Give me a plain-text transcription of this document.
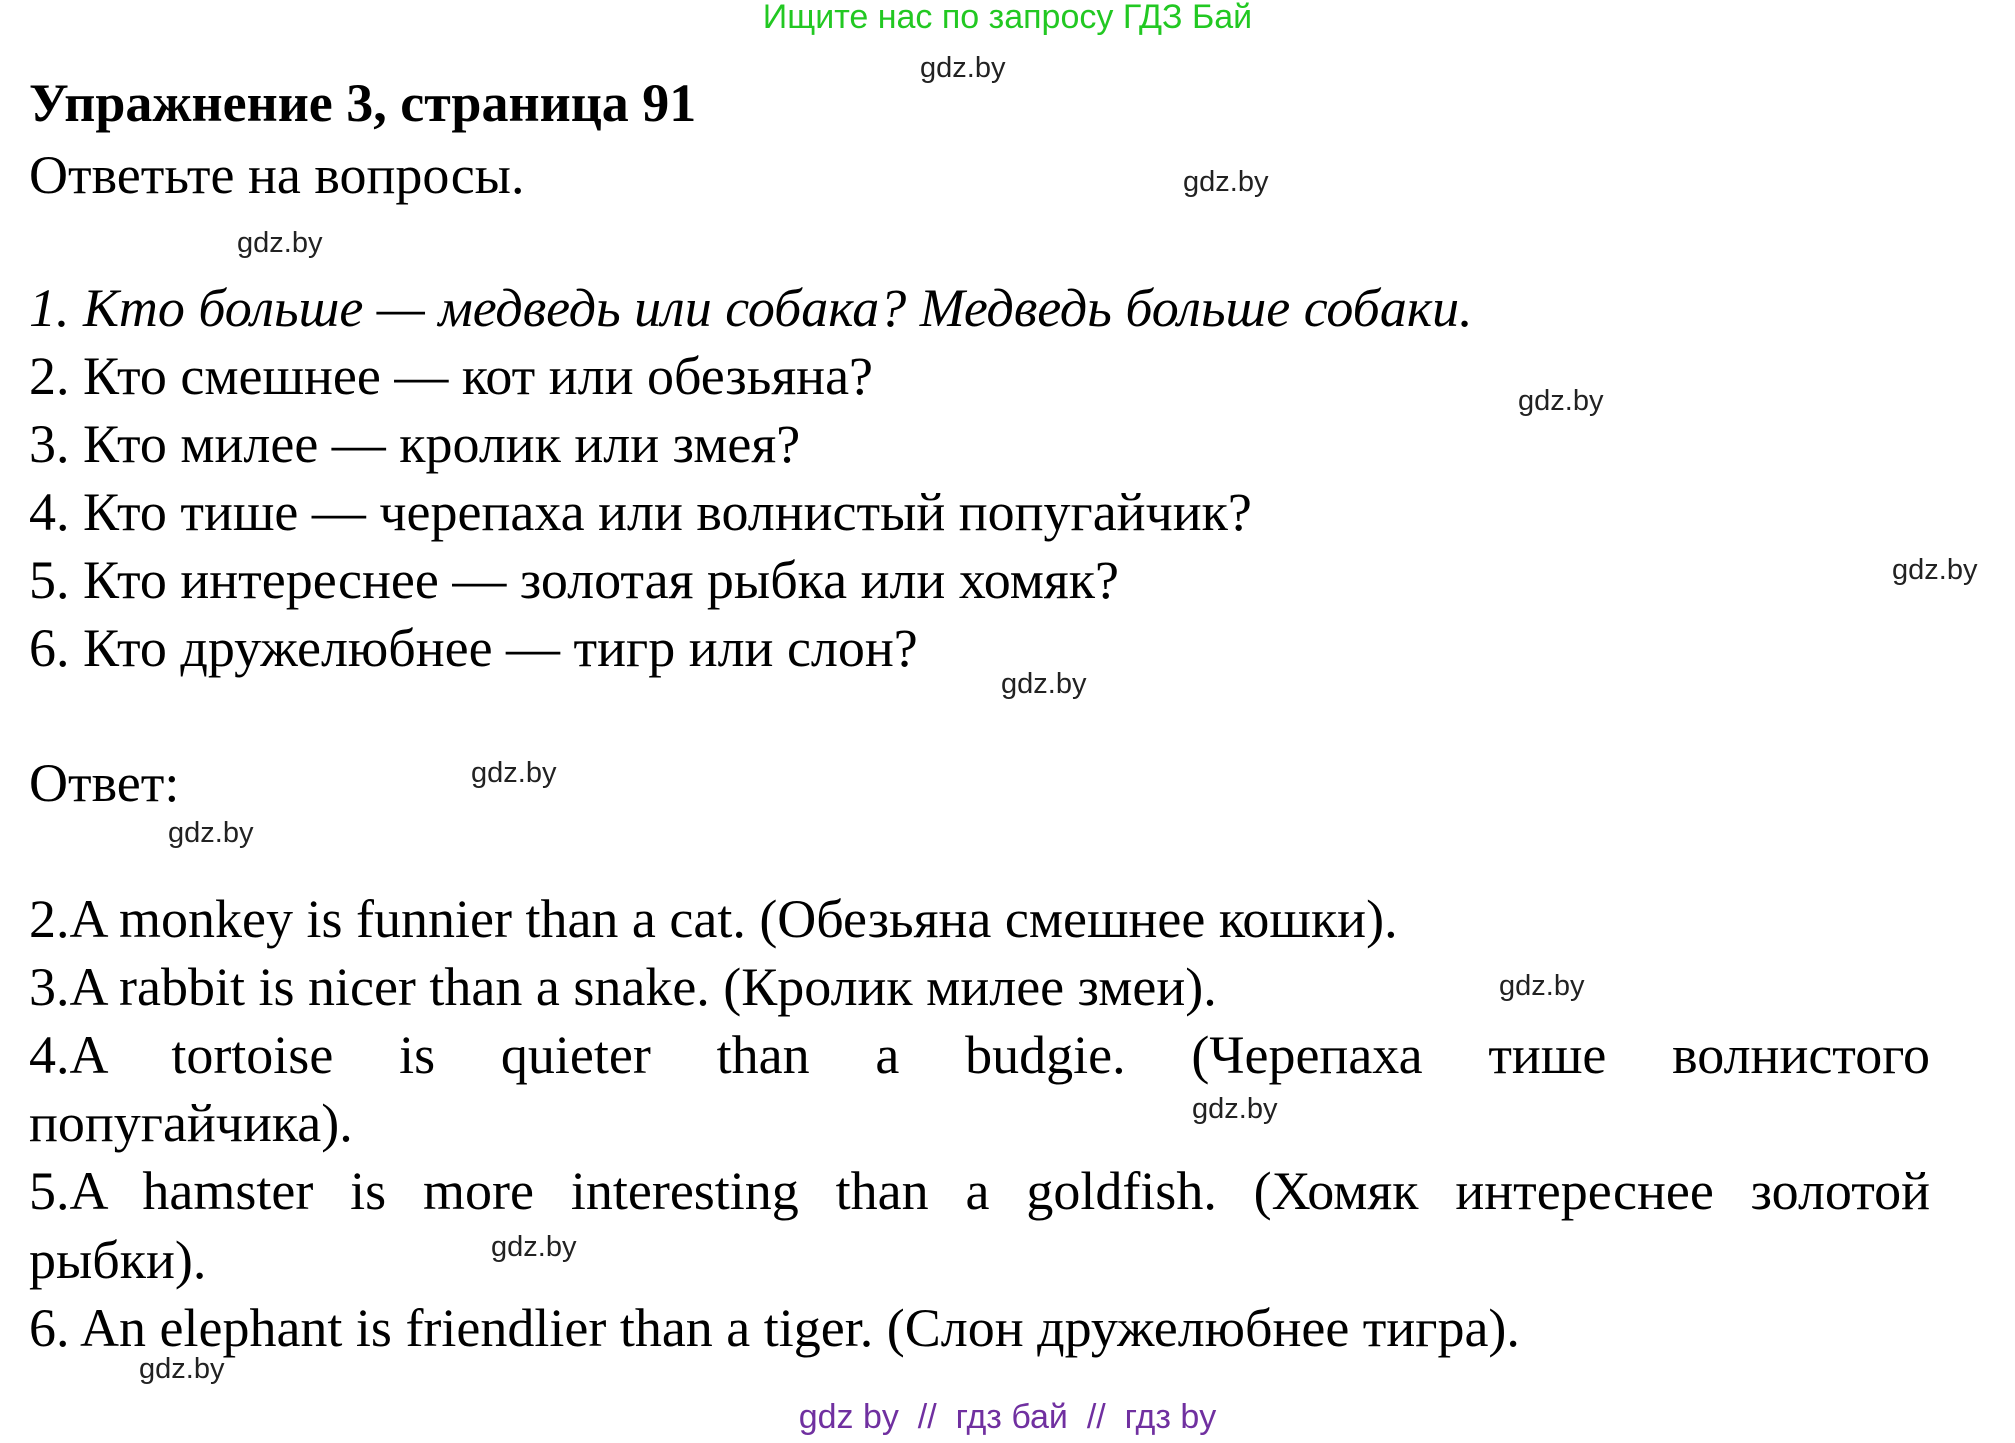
Ищите нас по запросу ГДЗ Бай
Упражнение 3, страница 91
Ответьте на вопросы.
1. Кто больше — медведь или собака? Медведь больше собаки.
2. Кто смешнее — кот или обезьяна?
3. Кто милее — кролик или змея?
4. Кто тише — черепаха или волнистый попугайчик?
5. Кто интереснее — золотая рыбка или хомяк?
6. Кто дружелюбнее — тигр или слон?
Ответ:
2.A monkey is funnier than a cat. (Обезьяна смешнее кошки).
3.A rabbit is nicer than a snake. (Кролик милее змеи).
4.A tortoise is quieter than a budgie. (Черепаха тише волнистого
попугайчика).
5.A hamster is more interesting than a goldfish. (Хомяк интереснее золотой
рыбки).
6. An elephant is friendlier than a tiger. (Слон дружелюбнее тигра).
gdz.by
gdz.by
gdz.by
gdz.by
gdz.by
gdz.by
gdz.by
gdz.by
gdz.by
gdz.by
gdz.by
gdz.by
gdz by  //  гдз бай  //  гдз by
